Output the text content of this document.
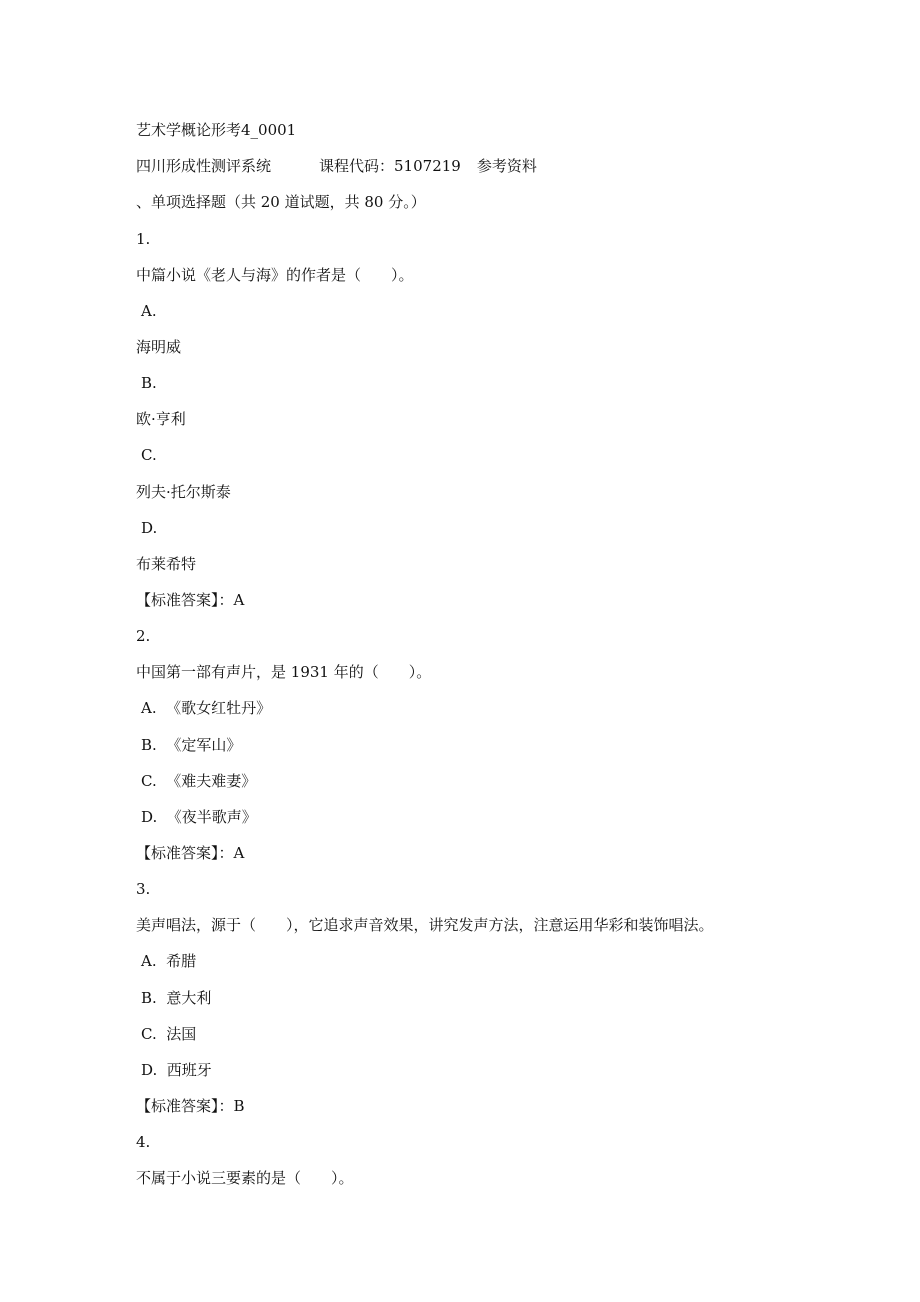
艺术学概论形考4_0001
四川形成性测评系统	课程代码：5107219 参考资料
、单项选择题（共 20 道试题，共 80 分。）
1.
中篇小说《老人与海》的作者是（　　）。
A.
海明威
B.
欧·亨利
C.
列夫·托尔斯泰
D.
布莱希特
【标准答案】：A
2.
中国第一部有声片，是 1931 年的（　　）。
A.  《歌女红牡丹》
B.  《定军山》
C.  《难夫难妻》
D.  《夜半歌声》
【标准答案】：A
3.
美声唱法，源于（　　），它追求声音效果，讲究发声方法，注意运用华彩和装饰唱法。
A.  希腊
B.  意大利
C.  法国
D.  西班牙
【标准答案】：B
4.
不属于小说三要素的是（　　）。
